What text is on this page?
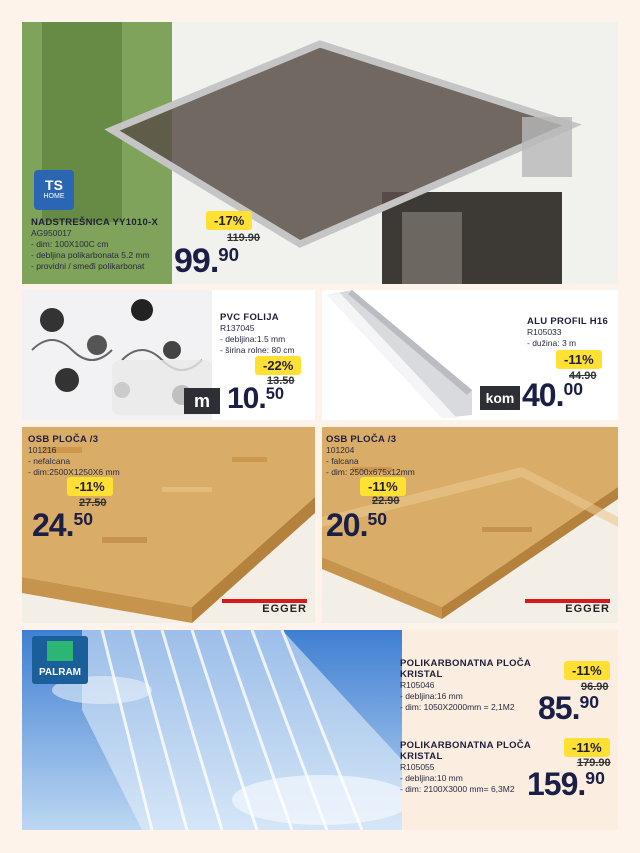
TS
HOME
NADSTREŠNICA YY1010-X
AG950017
- dim: 100X100C cm
- debljina polikarbonata 5.2 mm
- providni / smeđi polikarbonat
-17%
119.90
99.90
PVC FOLIJA
R137045
- debljina:1.5 mm
- širina rolne: 80 cm
-22%
13.50
m 10.50
ALU PROFIL H16
R105033
- dužina: 3 m
-11%
44.90
kom 40.00
OSB PLOČA /3
101216
- nefalcana
- dim:2500X1250X6 mm
-11%
27.50
24.50
EGGER
OSB PLOČA /3
101204
- falcana
- dim: 2500x675x12mm
-11%
22.90
20.50
EGGER
PALRAM
POLIKARBONATNA PLOČA
KRISTAL
R105046
- debljina:16 mm
- dim: 1050X2000mm = 2,1M2
-11%
96.90
85.90
POLIKARBONATNA PLOČA
KRISTAL
R105055
- debljina:10 mm
- dim: 2100X3000 mm= 6,3M2
-11%
179.90
159.90
